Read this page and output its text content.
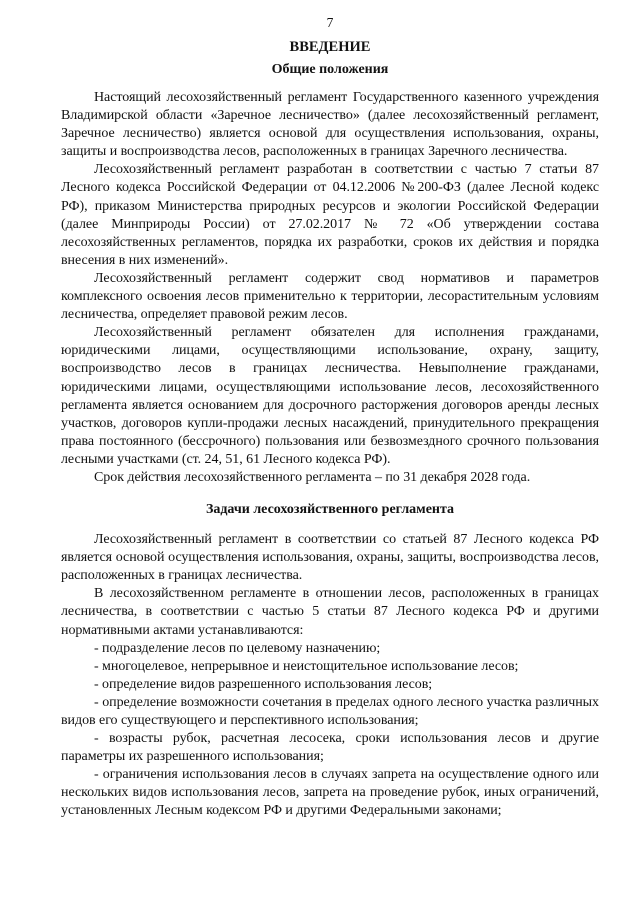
7
ВВЕДЕНИЕ
Общие положения

Настоящий лесохозяйственный регламент Государственного казенного учреждения Владимирской области «Заречное лесничество» (далее лесохозяйственный регламент, Заречное лесничество) является основой для осуществления использования, охраны, защиты и воспроизводства лесов, расположенных в границах Заречного лесничества.

Лесохозяйственный регламент разработан в соответствии с частью 7 статьи 87 Лесного кодекса Российской Федерации от 04.12.2006 №200-ФЗ (далее Лесной кодекс РФ), приказом Министерства природных ресурсов и экологии Российской Федерации (далее Минприроды России) от 27.02.2017 № 72 «Об утверждении состава лесохозяйственных регламентов, порядка их разработки, сроков их действия и порядка внесения в них изменений».

Лесохозяйственный регламент содержит свод нормативов и параметров комплексного освоения лесов применительно к территории, лесорастительным условиям лесничества, определяет правовой режим лесов.

Лесохозяйственный регламент обязателен для исполнения гражданами, юридическими лицами, осуществляющими использование, охрану, защиту, воспроизводство лесов в границах лесничества. Невыполнение гражданами, юридическими лицами, осуществляющими использование лесов, лесохозяйственного регламента является основанием для досрочного расторжения договоров аренды лесных участков, договоров купли-продажи лесных насаждений, принудительного прекращения права постоянного (бессрочного) пользования или безвозмездного срочного пользования лесными участками (ст. 24, 51, 61 Лесного кодекса РФ).

Срок действия лесохозяйственного регламента – по 31 декабря 2028 года.

Задачи лесохозяйственного регламента

Лесохозяйственный регламент в соответствии со статьей 87 Лесного кодекса РФ является основой осуществления использования, охраны, защиты, воспроизводства лесов, расположенных в границах лесничества.

В лесохозяйственном регламенте в отношении лесов, расположенных в границах лесничества, в соответствии с частью 5 статьи 87 Лесного кодекса РФ и другими нормативными актами устанавливаются:

- подразделение лесов по целевому назначению;

- многоцелевое, непрерывное и неистощительное использование лесов;

- определение видов разрешенного использования лесов;

- определение возможности сочетания в пределах одного лесного участка различных видов его существующего и перспективного использования;

- возрасты рубок, расчетная лесосека, сроки использования лесов и другие параметры их разрешенного использования;

- ограничения использования лесов в случаях запрета на осуществление одного или нескольких видов использования лесов, запрета на проведение рубок, иных ограничений, установленных Лесным кодексом РФ и другими Федеральными законами;
